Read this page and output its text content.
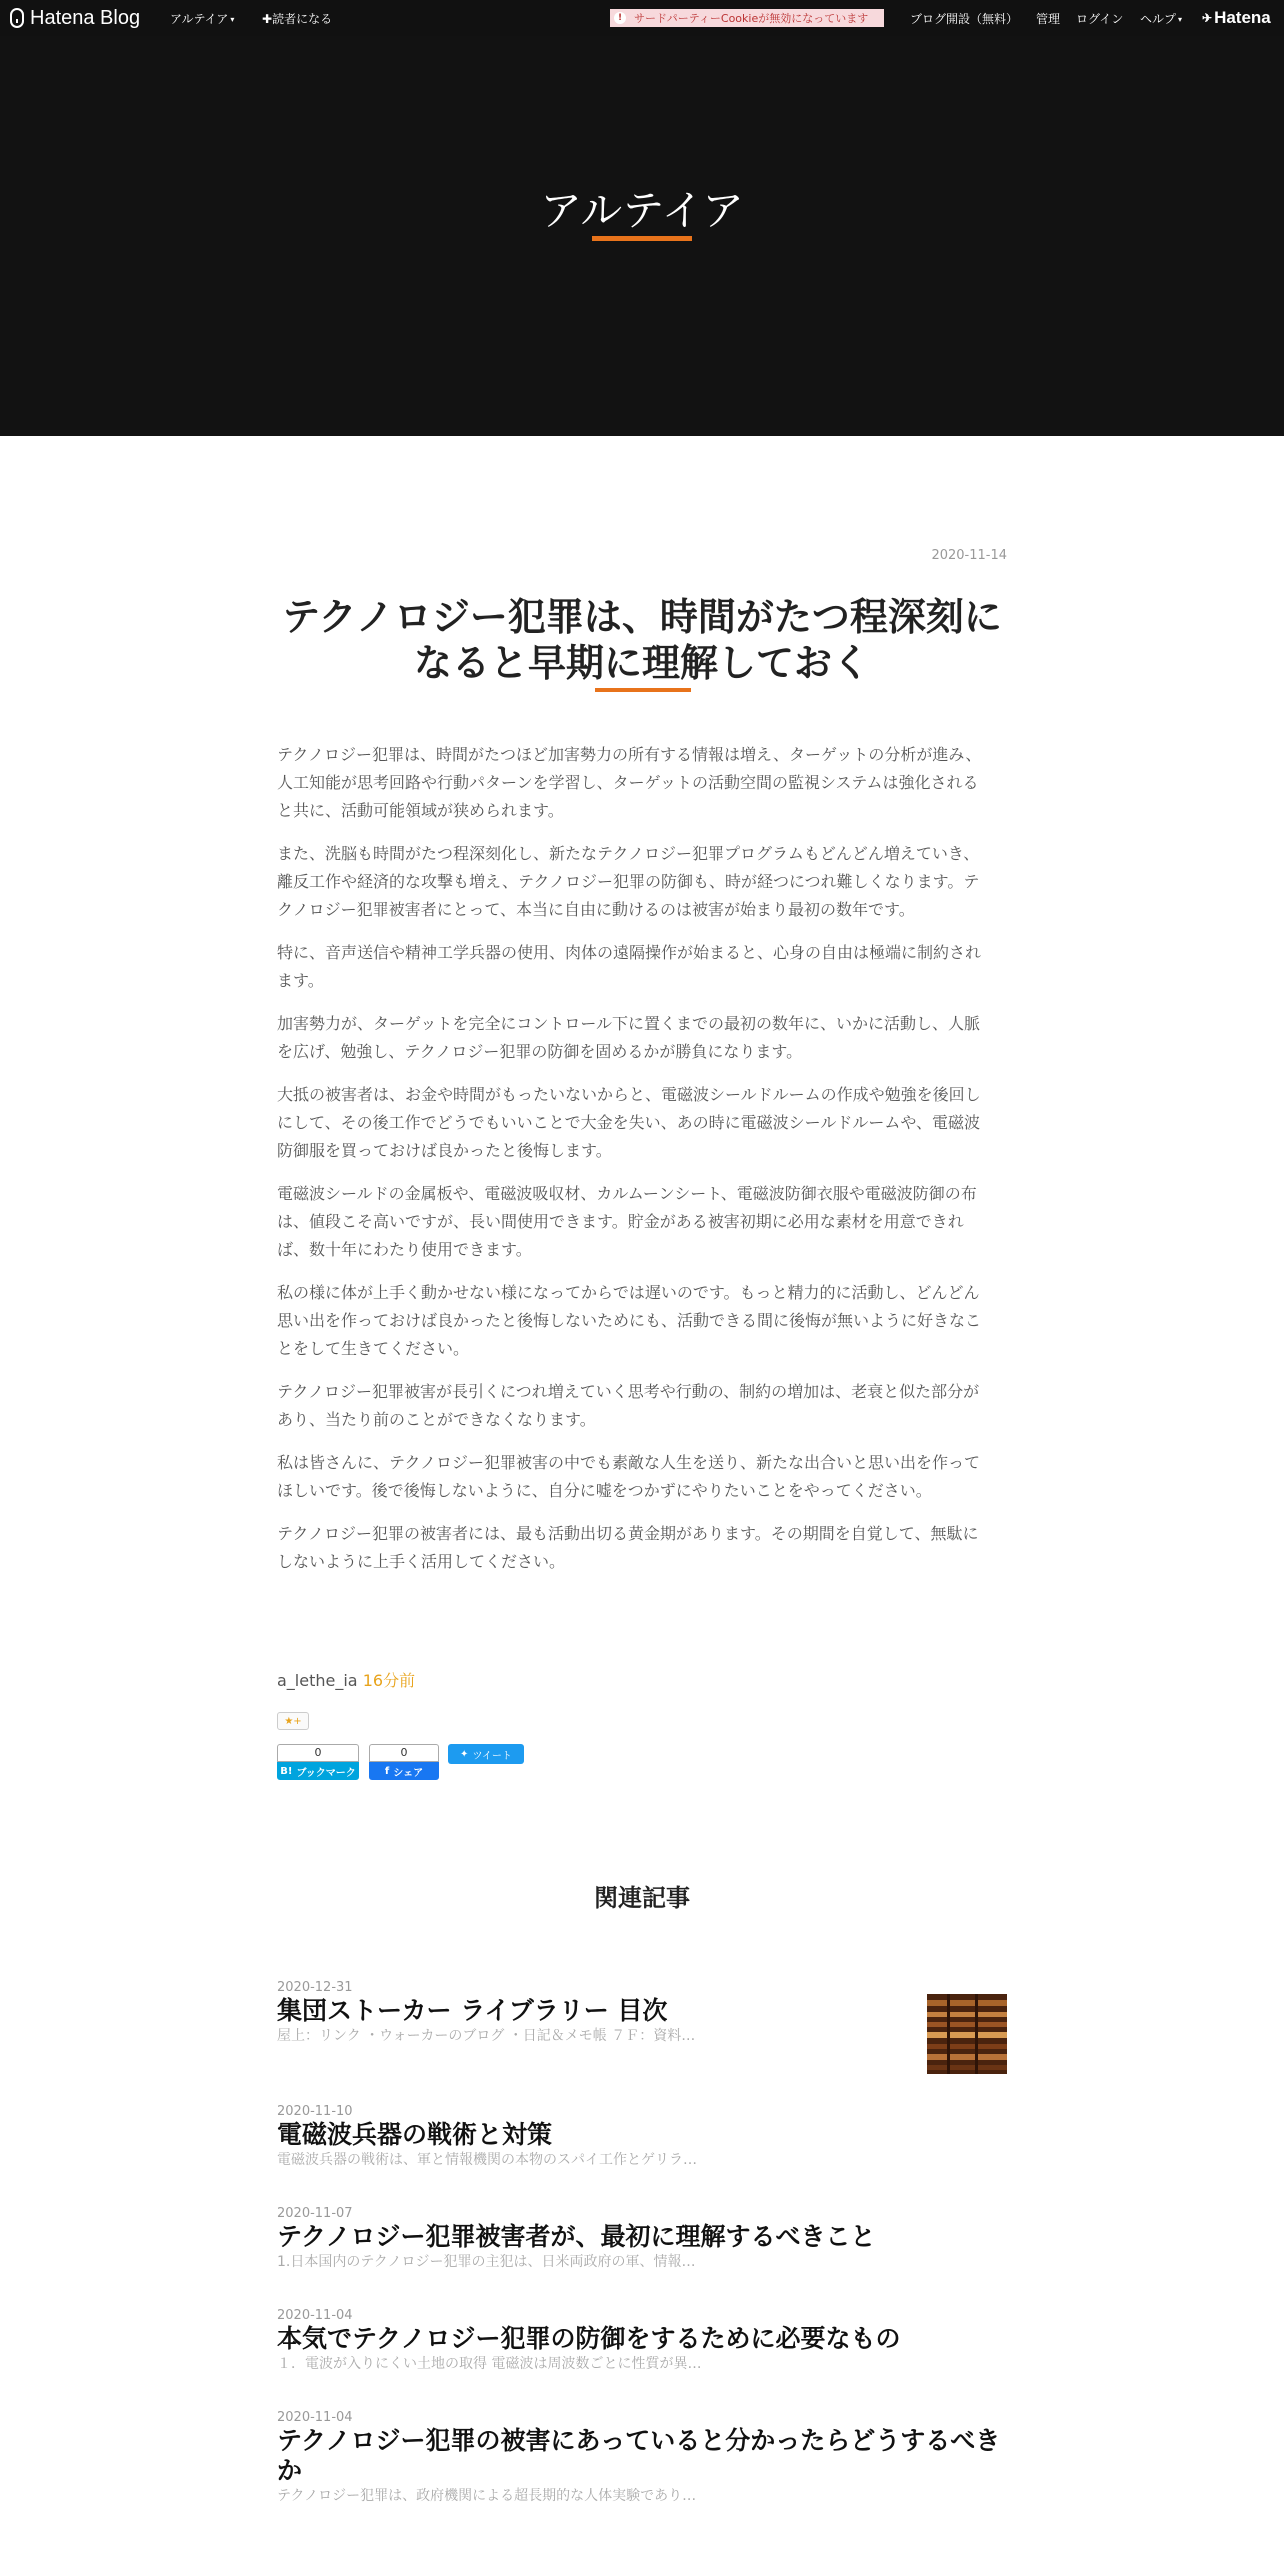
Hatena Blog アルテイア ▾ ✚読者になる	!	サードパーティーCookieが無効になっています	ブログ開設（無料） 管理 ログイン ヘルプ ▾ ✈ Hatena
アルテイア
2020-11-14
テクノロジー犯罪は、時間がたつ程深刻になると早期に理解しておく

テクノロジー犯罪は、時間がたつほど加害勢力の所有する情報は増え、ターゲットの分析が進み、人工知能が思考回路や行動パターンを学習し、ターゲットの活動空間の監視システムは強化されると共に、活動可能領域が狭められます。

また、洗脳も時間がたつ程深刻化し、新たなテクノロジー犯罪プログラムもどんどん増えていき、離反工作や経済的な攻撃も増え、テクノロジー犯罪の防御も、時が経つにつれ難しくなります。テクノロジー犯罪被害者にとって、本当に自由に動けるのは被害が始まり最初の数年です。

特に、音声送信や精神工学兵器の使用、肉体の遠隔操作が始まると、心身の自由は極端に制約されます。

加害勢力が、ターゲットを完全にコントロール下に置くまでの最初の数年に、いかに活動し、人脈を広げ、勉強し、テクノロジー犯罪の防御を固めるかが勝負になります。

大抵の被害者は、お金や時間がもったいないからと、電磁波シールドルームの作成や勉強を後回しにして、その後工作でどうでもいいことで大金を失い、あの時に電磁波シールドルームや、電磁波防御服を買っておけば良かったと後悔します。

電磁波シールドの金属板や、電磁波吸収材、カルムーンシート、電磁波防御衣服や電磁波防御の布は、値段こそ高いですが、長い間使用できます。貯金がある被害初期に必用な素材を用意できれば、数十年にわたり使用できます。

私の様に体が上手く動かせない様になってからでは遅いのです。もっと精力的に活動し、どんどん思い出を作っておけば良かったと後悔しないためにも、活動できる間に後悔が無いように好きなことをして生きてください。

テクノロジー犯罪被害が長引くにつれ増えていく思考や行動の、制約の増加は、老衰と似た部分があり、当たり前のことができなくなります。

私は皆さんに、テクノロジー犯罪被害の中でも素敵な人生を送り、新たな出合いと思い出を作ってほしいです。後で後悔しないように、自分に嘘をつかずにやりたいことをやってください。

テクノロジー犯罪の被害者には、最も活動出切る黄金期があります。その期間を自覚して、無駄にしないように上手く活用してください。

a_lethe_ia 16分前
★+
0
B! ブックマーク
0
f シェア
✦ ツイート
関連記事
2020-12-31
集団ストーカー ライブラリー 目次
屋上：リンク ・ウォーカーのブログ ・日記＆メモ帳 ７Ｆ：資料…
2020-11-10
電磁波兵器の戦術と対策
電磁波兵器の戦術は、軍と情報機関の本物のスパイ工作とゲリラ…
2020-11-07
テクノロジー犯罪被害者が、最初に理解するべきこと
1.日本国内のテクノロジー犯罪の主犯は、日米両政府の軍、情報…
2020-11-04
本気でテクノロジー犯罪の防御をするために必要なもの
１．電波が入りにくい土地の取得 電磁波は周波数ごとに性質が異…
2020-11-04
テクノロジー犯罪の被害にあっていると分かったらどうするべきか
テクノロジー犯罪は、政府機関による超長期的な人体実験であり…
